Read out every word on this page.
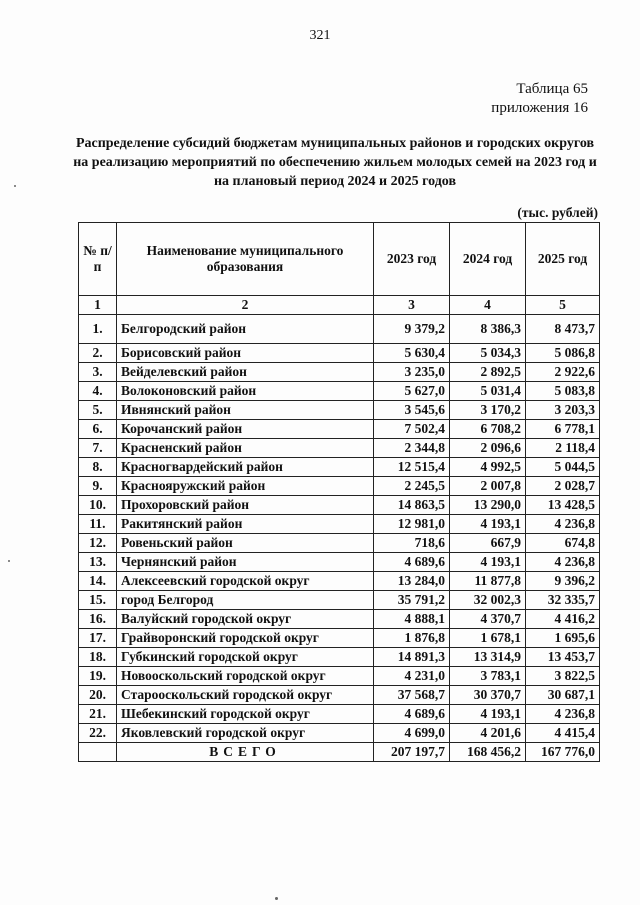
321
Таблица 65
приложения 16
Распределение субсидий бюджетам муниципальных районов и городских округов на реализацию мероприятий по обеспечению жильем молодых семей на 2023 год и на плановый период 2024 и 2025 годов
(тыс. рублей)
№ п/п	Наименование муниципального образования	2023 год	2024 год	2025 год
1	2	3	4	5
1.	Белгородский район	9 379,2	8 386,3	8 473,7
2.	Борисовский район	5 630,4	5 034,3	5 086,8
3.	Вейделевский район	3 235,0	2 892,5	2 922,6
4.	Волоконовский район	5 627,0	5 031,4	5 083,8
5.	Ивнянский район	3 545,6	3 170,2	3 203,3
6.	Корочанский район	7 502,4	6 708,2	6 778,1
7.	Красненский район	2 344,8	2 096,6	2 118,4
8.	Красногвардейский район	12 515,4	4 992,5	5 044,5
9.	Краснояружский район	2 245,5	2 007,8	2 028,7
10.	Прохоровский район	14 863,5	13 290,0	13 428,5
11.	Ракитянский район	12 981,0	4 193,1	4 236,8
12.	Ровеньский район	718,6	667,9	674,8
13.	Чернянский район	4 689,6	4 193,1	4 236,8
14.	Алексеевский городской округ	13 284,0	11 877,8	9 396,2
15.	город Белгород	35 791,2	32 002,3	32 335,7
16.	Валуйский городской округ	4 888,1	4 370,7	4 416,2
17.	Грайворонский городской округ	1 876,8	1 678,1	1 695,6
18.	Губкинский городской округ	14 891,3	13 314,9	13 453,7
19.	Новооскольский городской округ	4 231,0	3 783,1	3 822,5
20.	Старооскольский городской округ	37 568,7	30 370,7	30 687,1
21.	Шебекинский городской округ	4 689,6	4 193,1	4 236,8
22.	Яковлевский городской округ	4 699,0	4 201,6	4 415,4
	ВСЕГО	207 197,7	168 456,2	167 776,0
